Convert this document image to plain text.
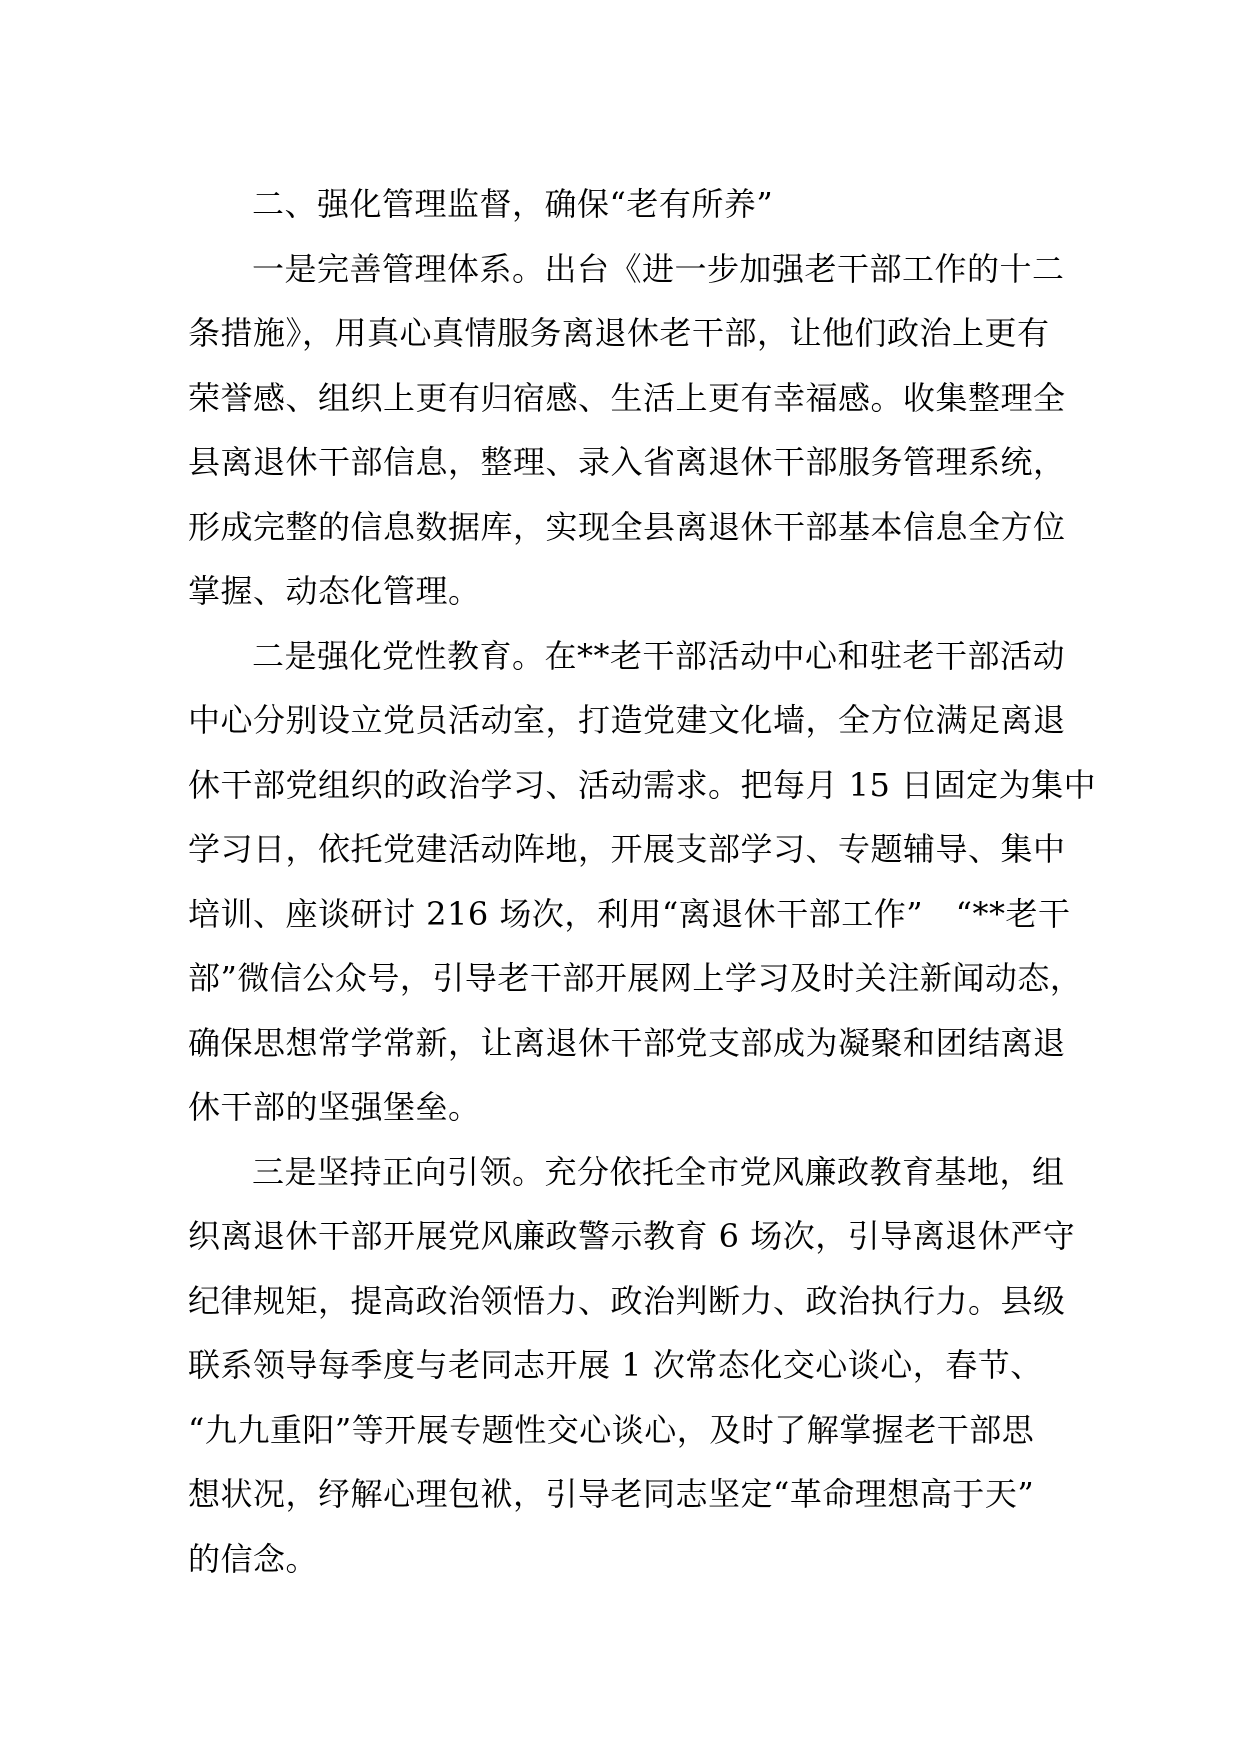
二、强化管理监督，确保“老有所养”

一是完善管理体系。出台《进一步加强老干部工作的十二
条措施》，用真心真情服务离退休老干部，让他们政治上更有
荣誉感、组织上更有归宿感、生活上更有幸福感。收集整理全
县离退休干部信息，整理、录入省离退休干部服务管理系统，
形成完整的信息数据库，实现全县离退休干部基本信息全方位
掌握、动态化管理。
二是强化党性教育。在**老干部活动中心和驻老干部活动
中心分别设立党员活动室，打造党建文化墙，全方位满足离退
休干部党组织的政治学习、活动需求。把每月 15 日固定为集中
学习日，依托党建活动阵地，开展支部学习、专题辅导、集中
培训、座谈研讨 216 场次，利用“离退休干部工作”　“**老干
部”微信公众号，引导老干部开展网上学习及时关注新闻动态，
确保思想常学常新，让离退休干部党支部成为凝聚和团结离退
休干部的坚强堡垒。
三是坚持正向引领。充分依托全市党风廉政教育基地，组
织离退休干部开展党风廉政警示教育 6 场次，引导离退休严守
纪律规矩，提高政治领悟力、政治判断力、政治执行力。县级
联系领导每季度与老同志开展 1 次常态化交心谈心，春节、
“九九重阳”等开展专题性交心谈心，及时了解掌握老干部思
想状况，纾解心理包袱，引导老同志坚定“革命理想高于天”
的信念。
